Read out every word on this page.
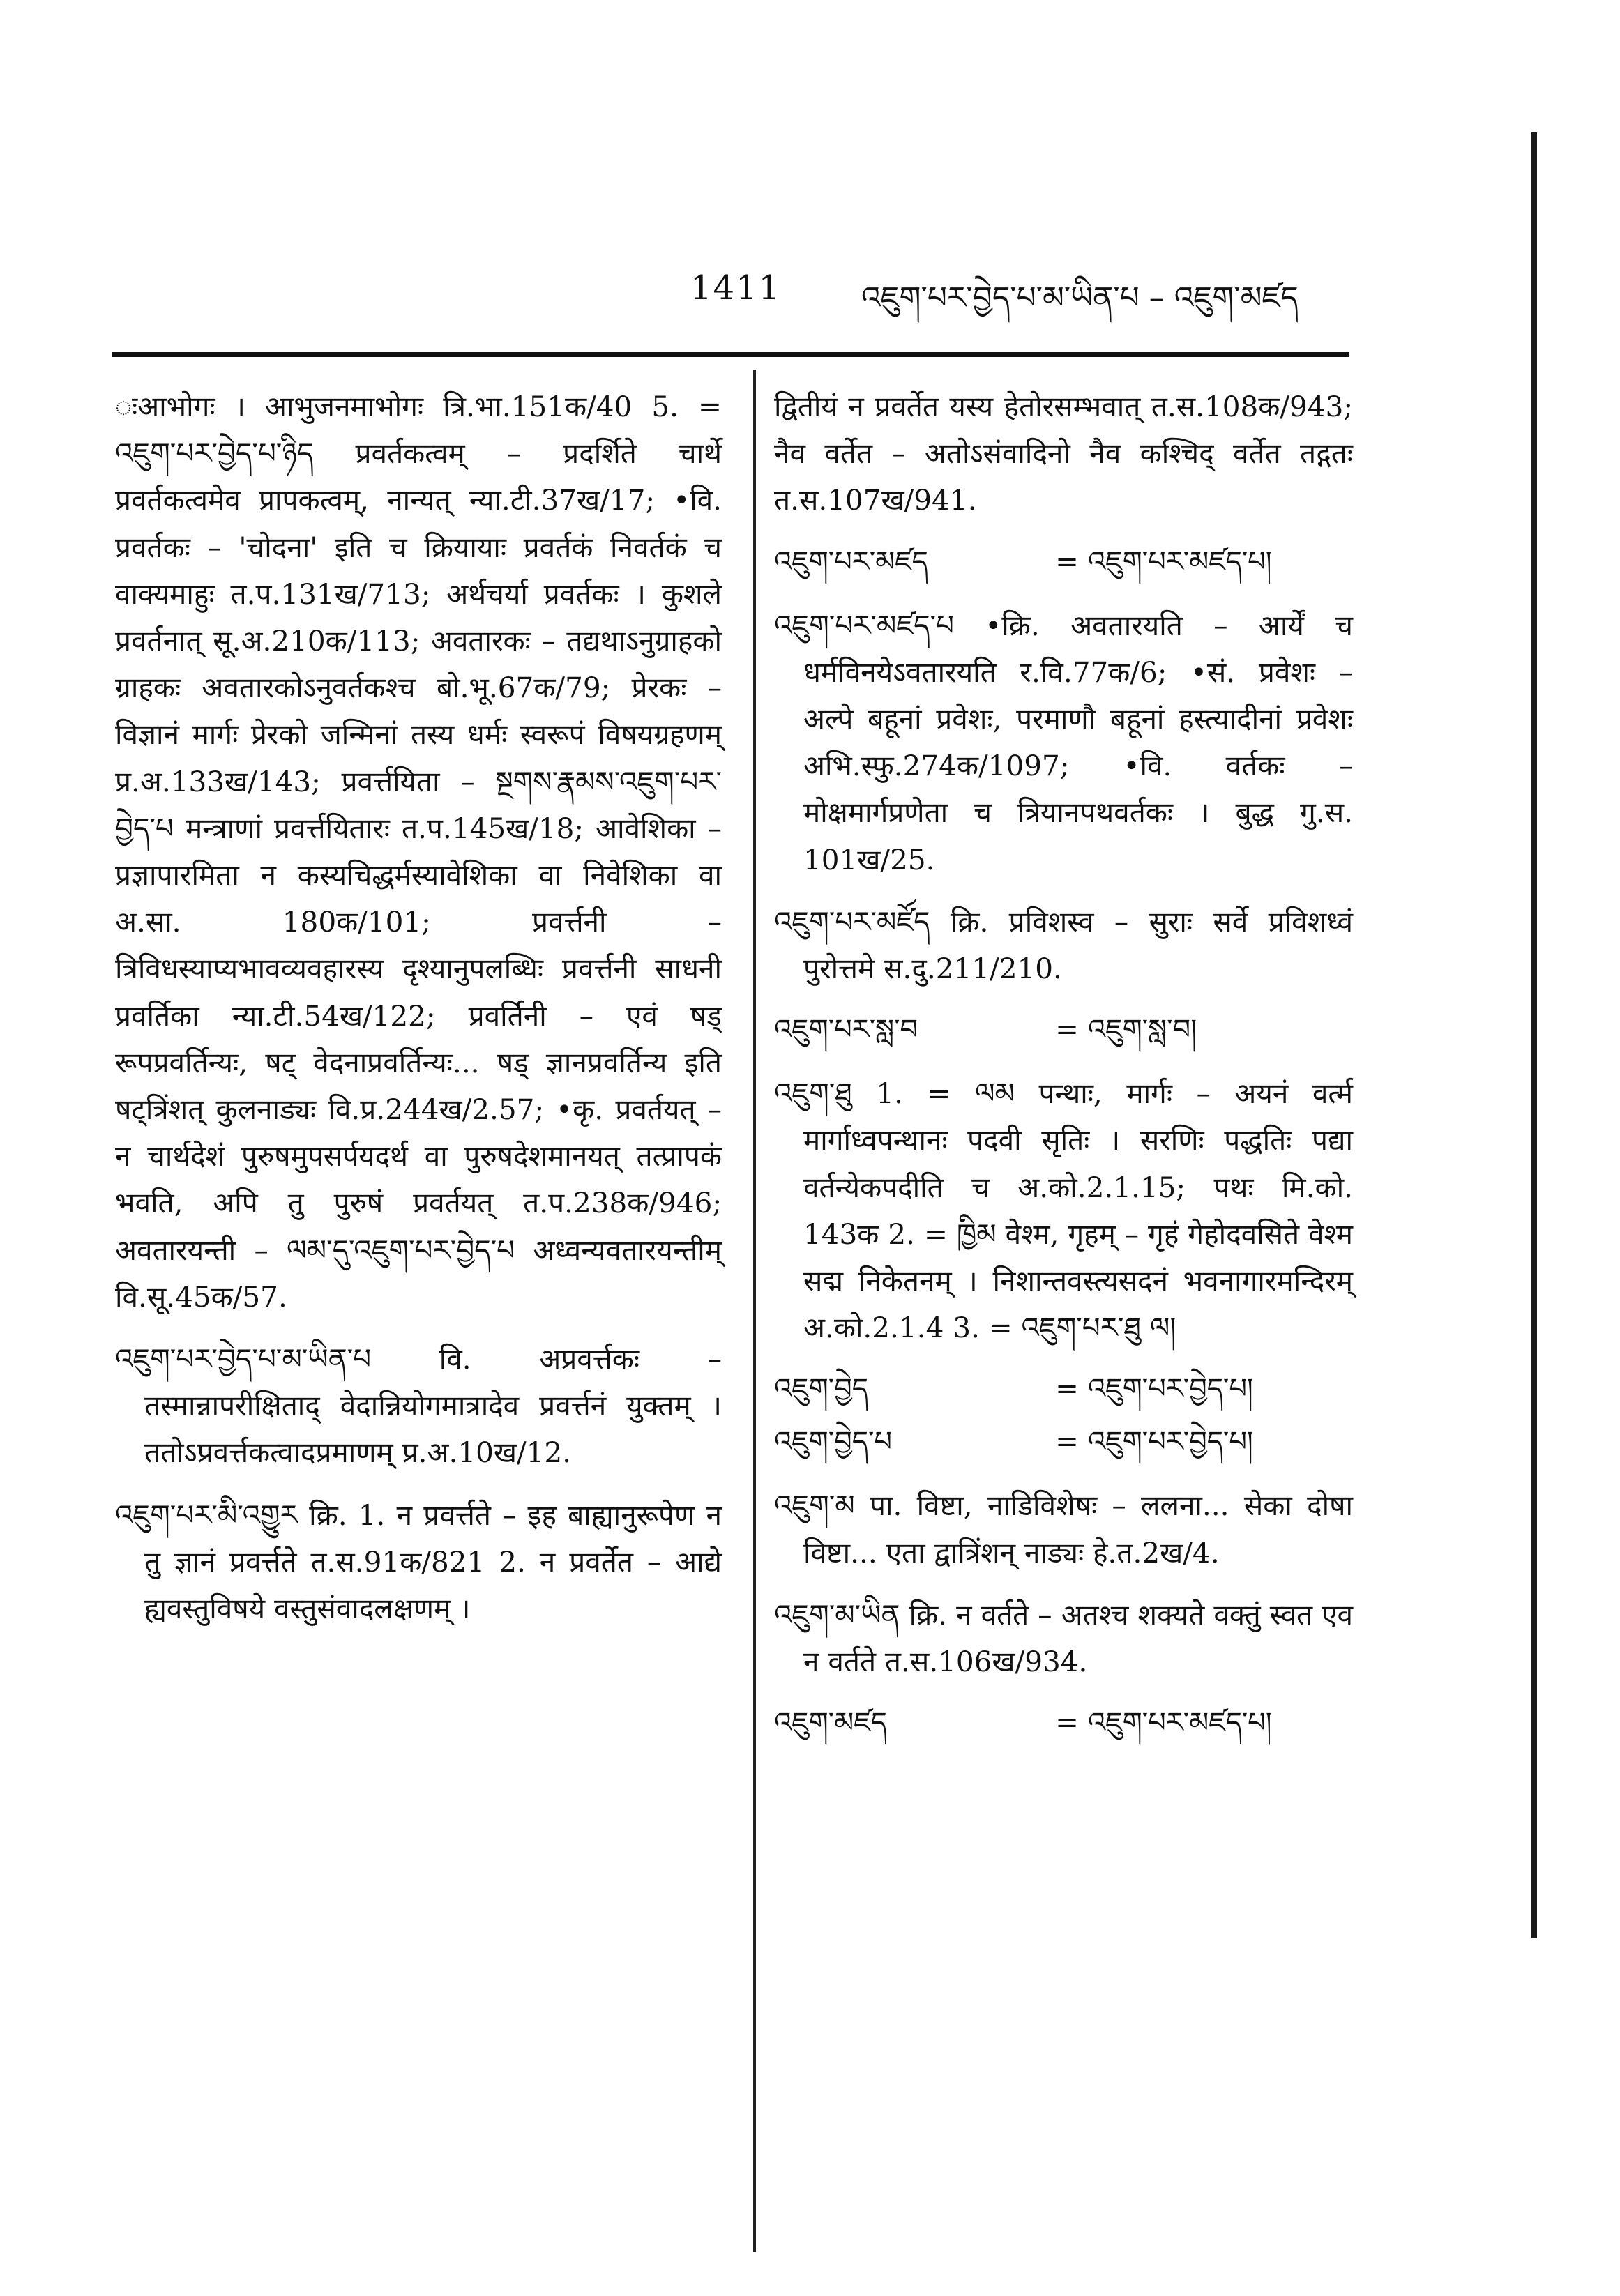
1411	འཇུག་པར་བྱེད་པ་མ་ཡིན་པ – འཇུག་མཛད

ःआभोगः । आभुजनमाभोगः त्रि.भा.151क/40 5. = འཇུག་པར་བྱེད་པ་ཉིད प्रवर्तकत्वम् – प्रदर्शिते चार्थे प्रवर्तकत्वमेव प्रापकत्वम्, नान्यत् न्या.टी.37ख/17; •वि. प्रवर्तकः – 'चोदना' इति च क्रियायाः प्रवर्तकं निवर्तकं च वाक्यमाहुः त.प.131ख/713; अर्थचर्या प्रवर्तकः । कुशले प्रवर्तनात् सू.अ.210क/113; अवतारकः – तद्यथाऽनुग्राहको ग्राहकः अवतारकोऽनुवर्तकश्च बो.भू.67क/79; प्रेरकः – विज्ञानं मार्गः प्रेरको जन्मिनां तस्य धर्मः स्वरूपं विषयग्रहणम् प्र.अ.133ख/143; प्रवर्त्तयिता – སྔགས་རྣམས་འཇུག་པར་བྱེད་པ मन्त्राणां प्रवर्त्तयितारः त.प.145ख/18; आवेशिका – प्रज्ञापारमिता न कस्यचिद्धर्मस्यावेशिका वा निवेशिका वा अ.सा. 180क/101; प्रवर्त्तनी – त्रिविधस्याप्यभावव्यवहारस्य दृश्यानुपलब्धिः प्रवर्त्तनी साधनी प्रवर्तिका न्या.टी.54ख/122; प्रवर्तिनी – एवं षड् रूपप्रवर्तिन्यः, षट् वेदनाप्रवर्तिन्यः... षड् ज्ञानप्रवर्तिन्य इति षट्त्रिंशत् कुलनाड्यः वि.प्र.244ख/2.57; •कृ. प्रवर्तयत् – न चार्थदेशं पुरुषमुपसर्पयदर्थ वा पुरुषदेशमानयत् तत्प्रापकं भवति, अपि तु पुरुषं प्रवर्तयत् त.प.238क/946; अवतारयन्ती – ལམ་དུ་འཇུག་པར་བྱེད་པ अध्वन्यवतारयन्तीम् वि.सू.45क/57.

འཇུག་པར་བྱེད་པ་མ་ཡིན་པ वि. अप्रवर्त्तकः – तस्मान्नापरीक्षिताद् वेदान्नियोगमात्रादेव प्रवर्त्तनं युक्तम् । ततोऽप्रवर्त्तकत्वादप्रमाणम् प्र.अ.10ख/12.

འཇུག་པར་མི་འགྱུར क्रि. 1. न प्रवर्त्तते – इह बाह्यानुरूपेण न तु ज्ञानं प्रवर्त्तते त.स.91क/821 2. न प्रवर्तेत – आद्ये ह्यवस्तुविषये वस्तुसंवादलक्षणम् ।

द्वितीयं न प्रवर्तेत यस्य हेतोरसम्भवात् त.स.108क/943; नैव वर्तेत – अतोऽसंवादिनो नैव कश्चिद् वर्तेत तद्गतः त.स.107ख/941.

འཇུག་པར་མཛད	= འཇུག་པར་མཛད་པ།

འཇུག་པར་མཛད་པ •क्रि. अवतारयति – आर्यें च धर्मविनयेऽवतारयति र.वि.77क/6; •सं. प्रवेशः – अल्पे बहूनां प्रवेशः, परमाणौ बहूनां हस्त्यादीनां प्रवेशः अभि.स्फु.274क/1097; •वि. वर्तकः – मोक्षमार्गप्रणेता च त्रियानपथवर्तकः । बुद्ध गु.स. 101ख/25.

འཇུག་པར་མཛོད क्रि. प्रविशस्व – सुराः सर्वे प्रविशध्वं पुरोत्तमे स.दु.211/210.

འཇུག་པར་སླ་བ	= འཇུག་སླ་བ།

འཇུག་ཐུ 1. = ལམ पन्थाः, मार्गः – अयनं वर्त्म मार्गाध्वपन्थानः पदवी सृतिः । सरणिः पद्धतिः पद्या वर्तन्येकपदीति च अ.को.2.1.15; पथः मि.को. 143क 2. = ཁྱིམ वेश्म, गृहम् – गृहं गेहोदवसिते वेश्म सद्म निकेतनम् । निशान्तवस्त्यसदनं भवनागारमन्दिरम् अ.को.2.1.4 3. = འཇུག་པར་ཐུ ལ།

འཇུག་བྱེད	= འཇུག་པར་བྱེད་པ།
འཇུག་བྱེད་པ	= འཇུག་པར་བྱེད་པ།

འཇུག་མ पा. विष्टा, नाडिविशेषः – ललना... सेका दोषा विष्टा... एता द्वात्रिंशन् नाड्यः हे.त.2ख/4.

འཇུག་མ་ཡིན क्रि. न वर्तते – अतश्च शक्यते वक्तुं स्वत एव न वर्तते त.स.106ख/934.

འཇུག་མཛད	= འཇུག་པར་མཛད་པ།
